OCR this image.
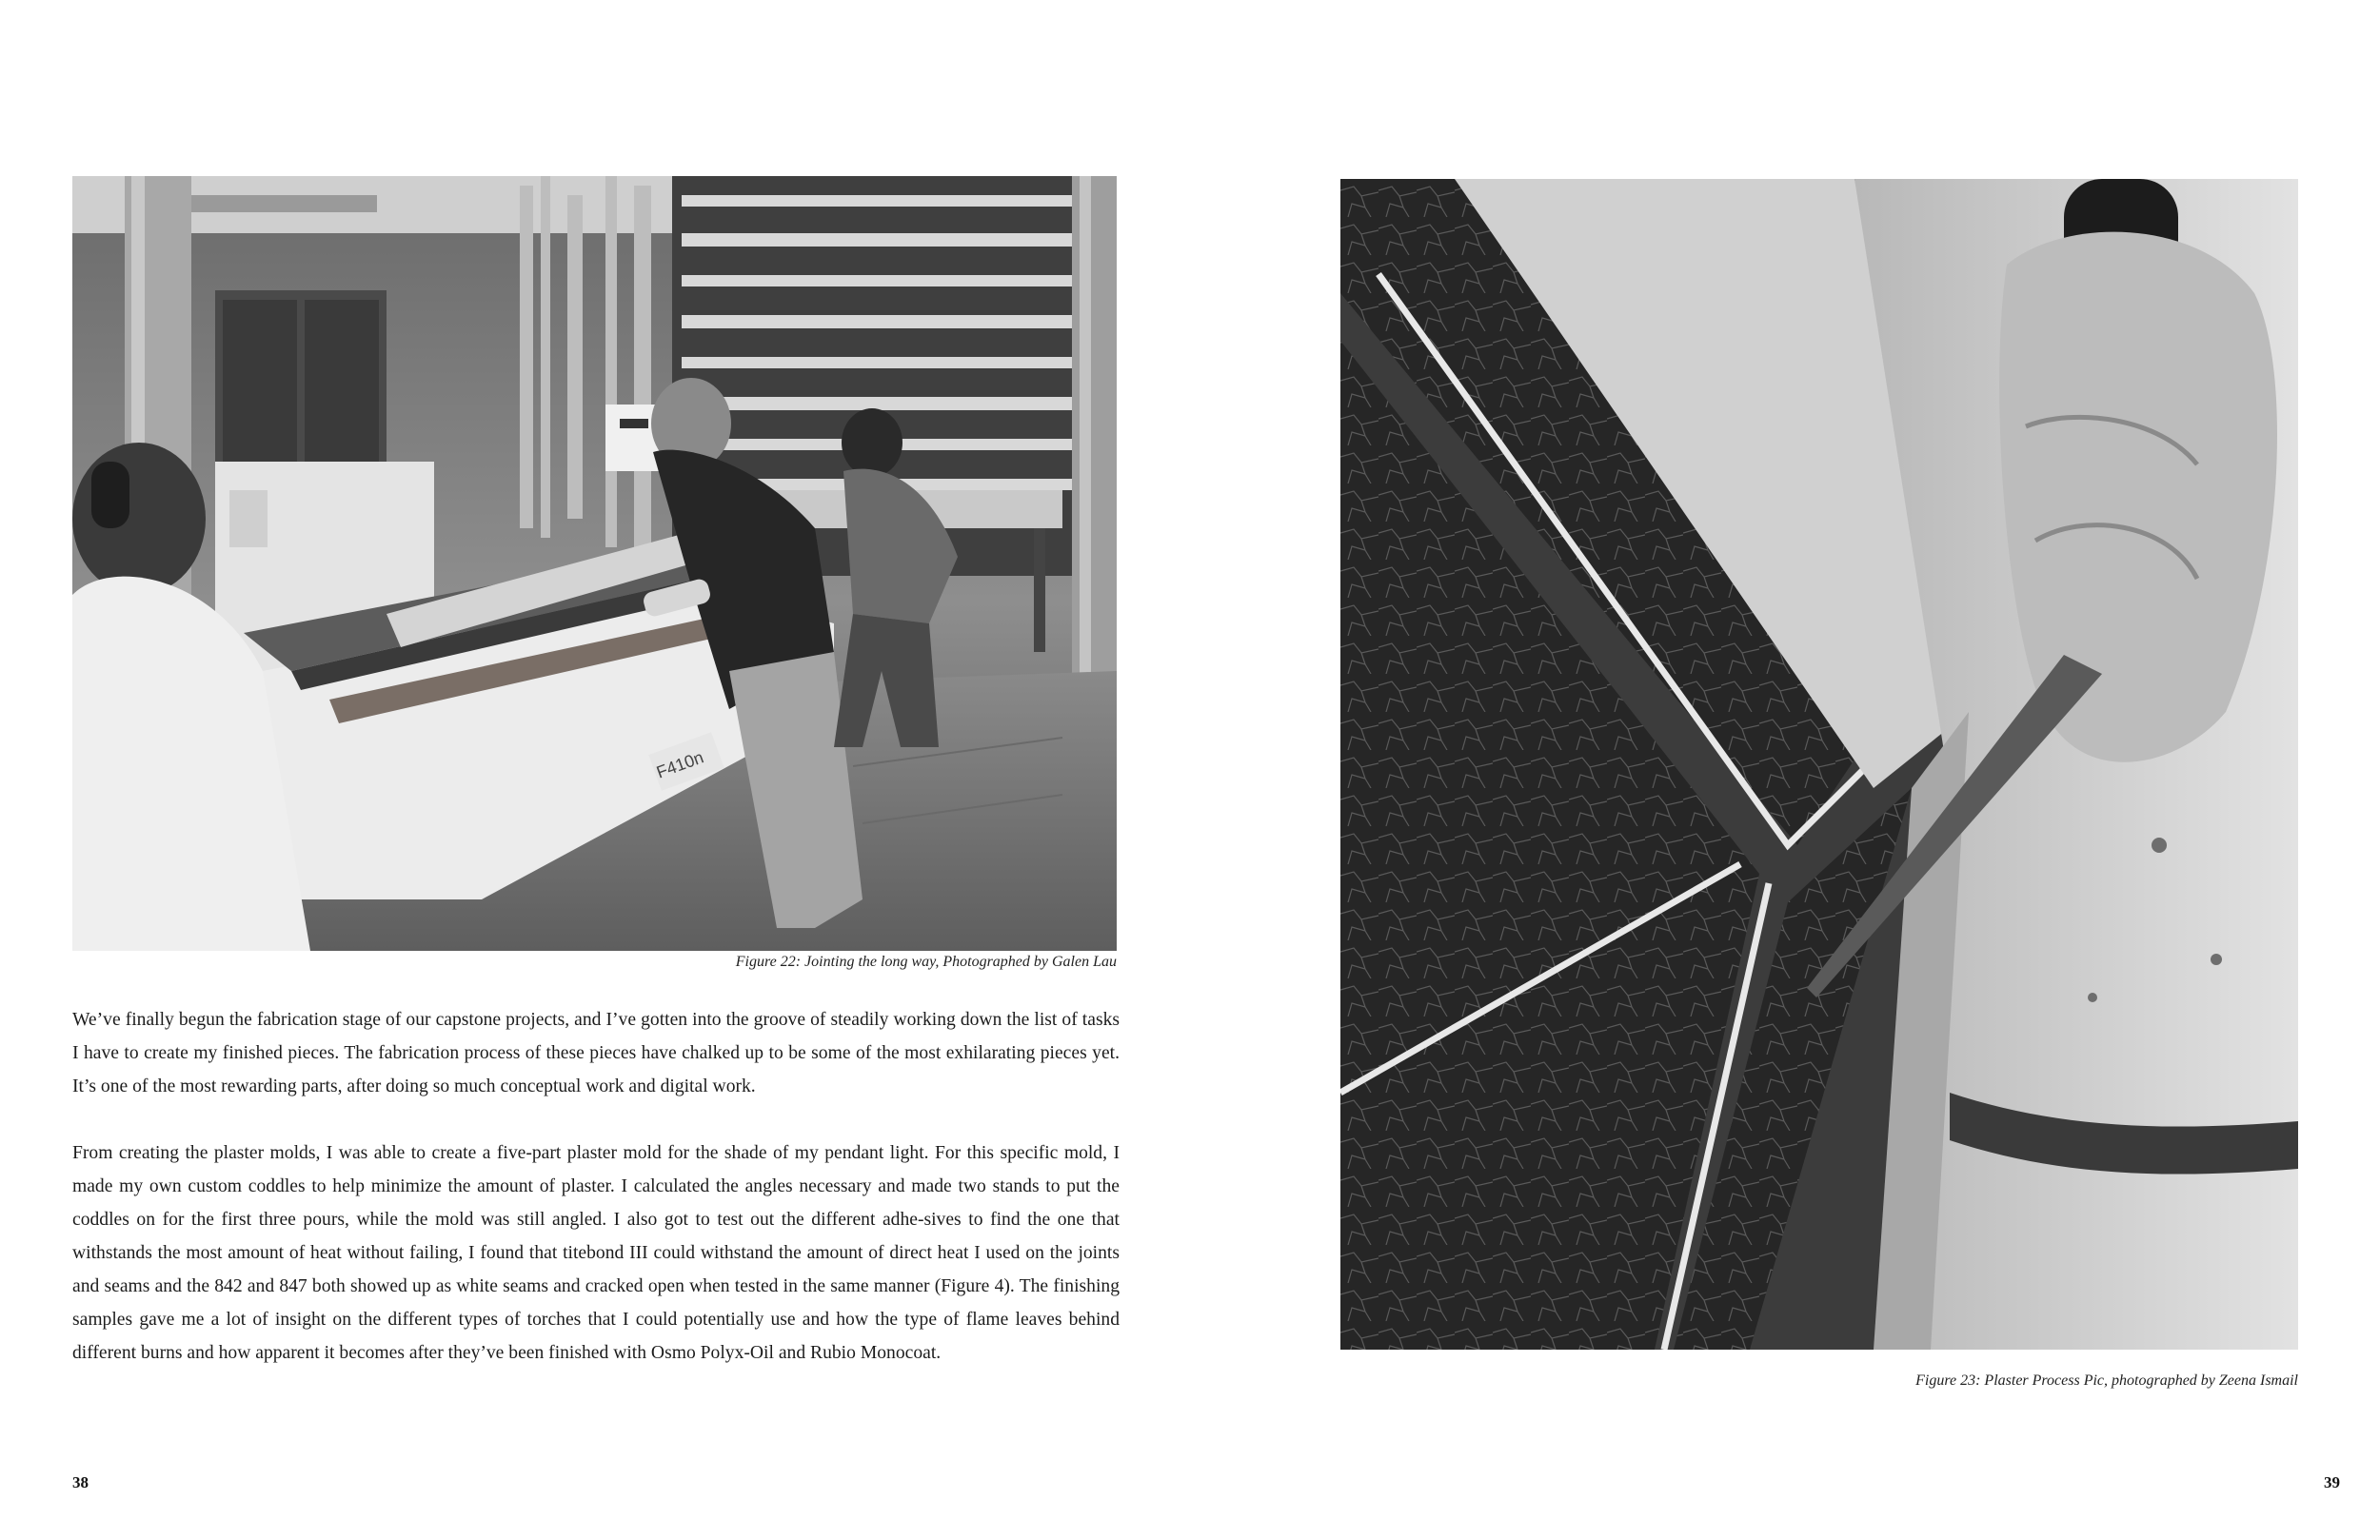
F410n
Figure 22: Jointing the long way, Photographed by Galen Lau

We’ve finally begun the fabrication stage of our capstone projects, and I’ve gotten into the groove of steadily working down the list of tasks I have to create my finished pieces. The fabrication process of these pieces have chalked up to be some of the most exhilarating pieces yet. It’s one of the most rewarding parts, after doing so much conceptual work and digital work.

From creating the plaster molds, I was able to create a five-part plaster mold for the shade of my pendant light. For this specific mold, I made my own custom coddles to help minimize the amount of plaster. I calculated the angles necessary and made two stands to put the coddles on for the first three pours, while the mold was still angled. I also got to test out the different adhe-sives to find the one that withstands the most amount of heat without failing, I found that titebond III could withstand the amount of direct heat I used on the joints and seams and the 842 and 847 both showed up as white seams and cracked open when tested in the same manner (Figure 4). The finishing samples gave me a lot of insight on the different types of torches that I could potentially use and how the type of flame leaves behind different burns and how apparent it becomes after they’ve been finished with Osmo Polyx-Oil and Rubio Monocoat.

38
Figure 23: Plaster Process Pic, photographed by Zeena Ismail
39
